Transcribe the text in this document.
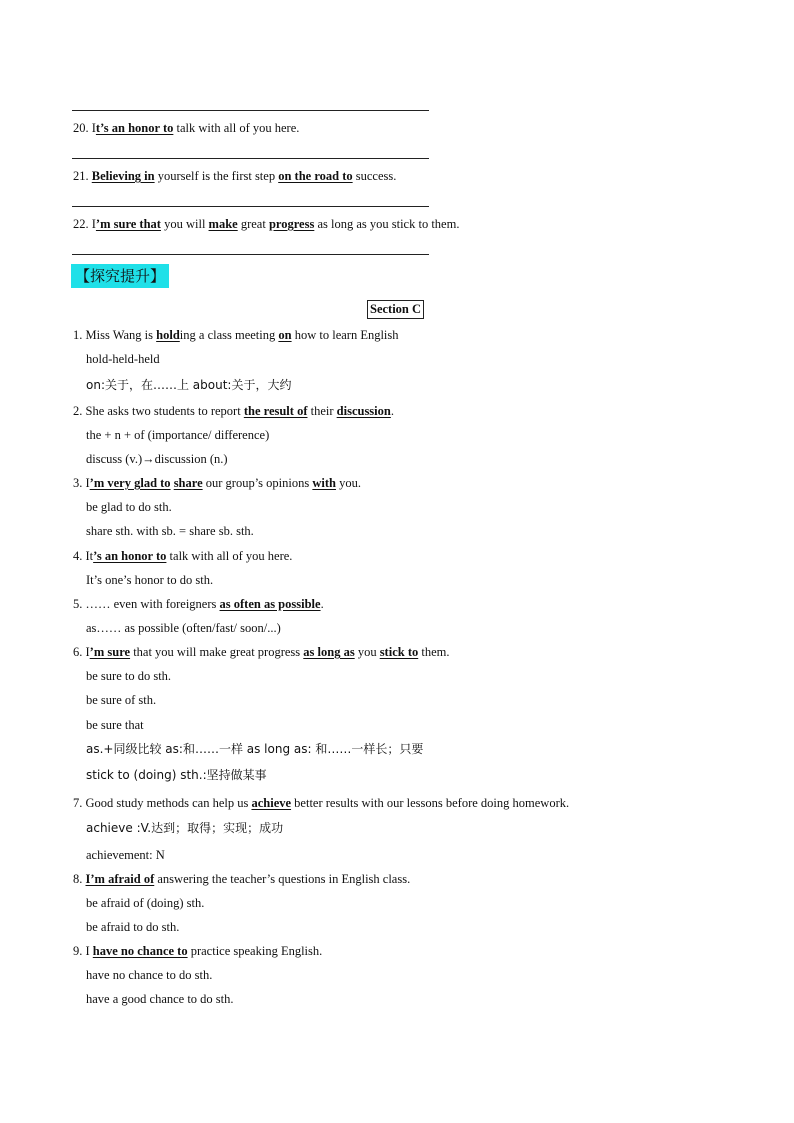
20. It’s an honor to talk with all of you here.
21. Believing in yourself is the first step on the road to success.
22. I’m sure that you will make great progress as long as you stick to them.
【探究提升】
Section C
1. Miss Wang is holding a class meeting on how to learn English
hold-held-held
on:关于，在……上 about:关于，大约
2. She asks two students to report the result of their discussion.
the + n + of (importance/ difference)
discuss (v.)→discussion (n.)
3. I’m very glad to share our group’s opinions with you.
be glad to do sth.
share sth. with sb. = share sb. sth.
4. It’s an honor to talk with all of you here.
It’s one’s honor to do sth.
5. …… even with foreigners as often as possible.
as…… as possible (often/fast/ soon/...)
6. I’m sure that you will make great progress as long as you stick to them.
be sure to do sth.
be sure of sth.
be sure that
as.+同级比较 as:和……一样 as long as: 和……一样长；只要
stick to (doing) sth.:坚持做某事
7. Good study methods can help us achieve better results with our lessons before doing homework.
achieve :V.达到；取得；实现；成功
achievement: N
8. I’m afraid of answering the teacher’s questions in English class.
be afraid of (doing) sth.
be afraid to do sth.
9. I have no chance to practice speaking English.
have no chance to do sth.
have a good chance to do sth.
